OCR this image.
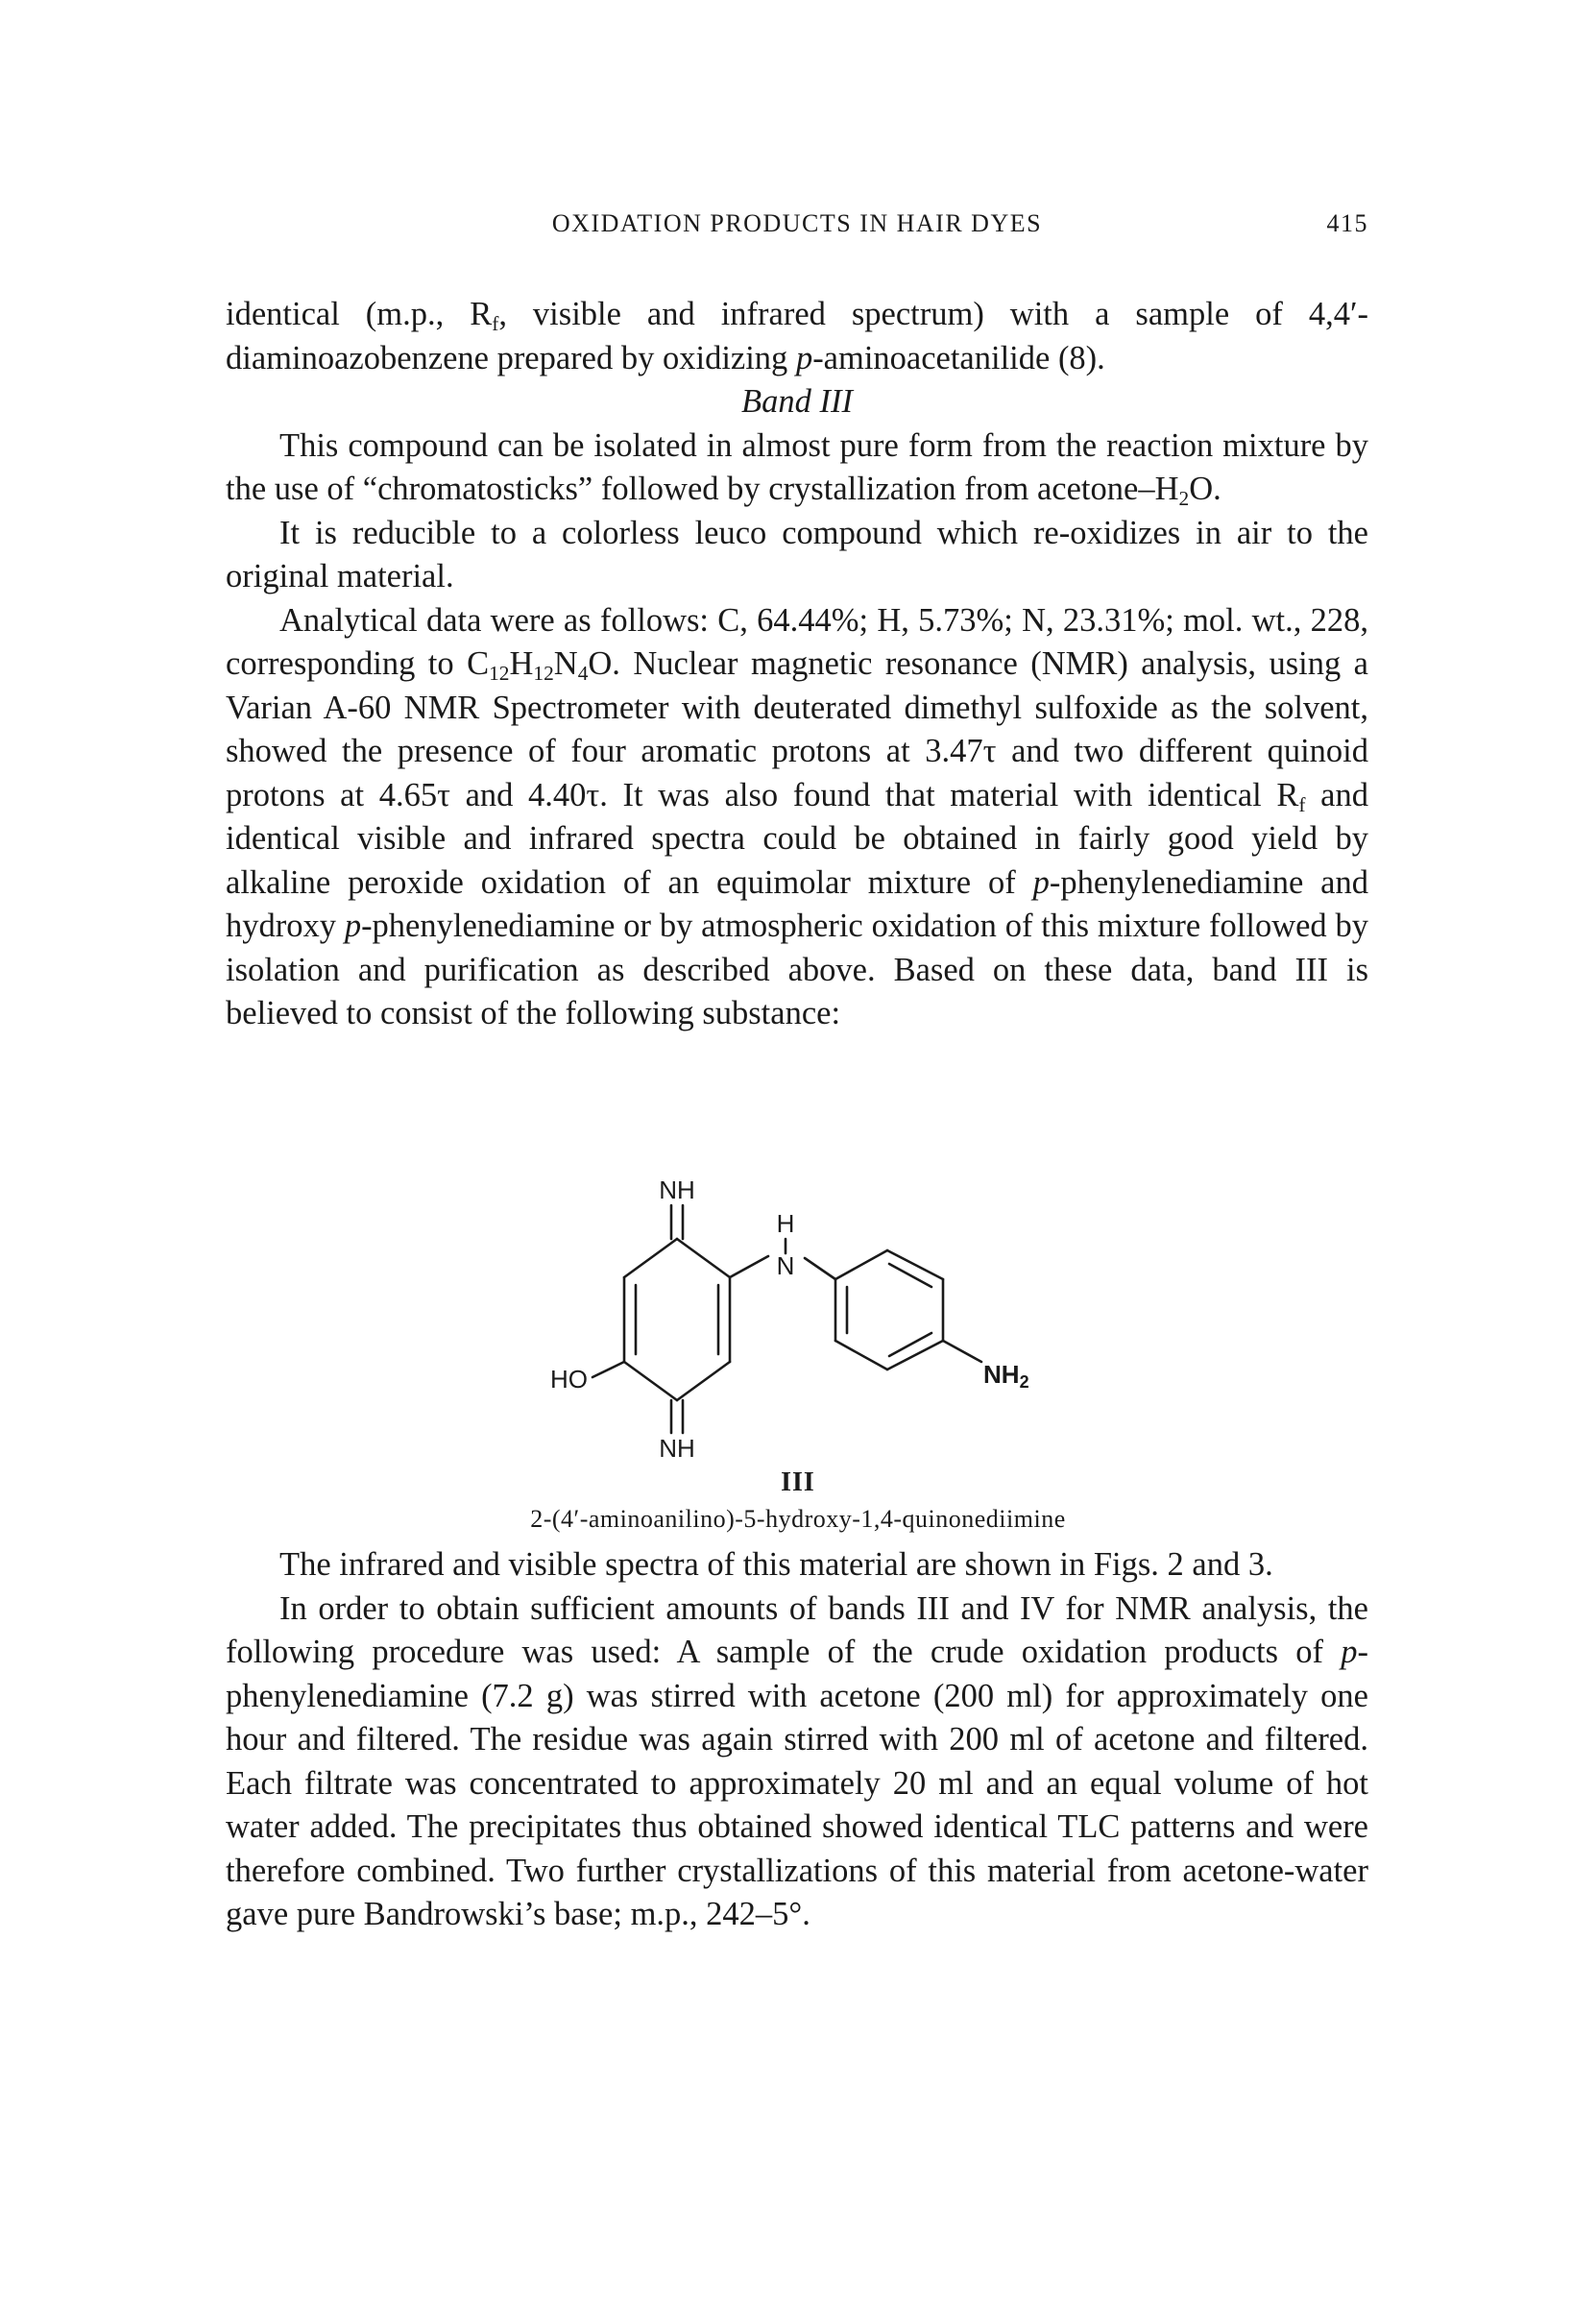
OXIDATION PRODUCTS IN HAIR DYES	415

identical (m.p., $R_f$, visible and infrared spectrum) with a sample of 4,4′-diaminoazobenzene prepared by oxidizing p-aminoacetanilide (8).

Band III

This compound can be isolated in almost pure form from the reaction mixture by the use of “chromatosticks” followed by crystallization from acetone–$H_2O$.

It is reducible to a colorless leuco compound which re-oxidizes in air to the original material.

Analytical data were as follows: C, 64.44%; H, 5.73%; N, 23.31%; mol. wt., 228, corresponding to $C_{12}H_{12}N_4O$. Nuclear magnetic resonance (NMR) analysis, using a Varian A-60 NMR Spectrometer with deuterated dimethyl sulfoxide as the solvent, showed the presence of four aromatic protons at 3.47τ and two different quinoid protons at 4.65τ and 4.40τ. It was also found that material with identical $R_f$ and identical visible and infrared spectra could be obtained in fairly good yield by alkaline peroxide oxidation of an equimolar mixture of p-phenylenediamine and hydroxy p-phenylenediamine or by atmospheric oxidation of this mixture followed by isolation and purification as described above. Based on these data, band III is believed to consist of the following substance:

NH
H
N
HO
NH
NH2
III
2-(4′-aminoanilino)-5-hydroxy-1,4-quinonediimine

The infrared and visible spectra of this material are shown in Figs. 2 and 3.

In order to obtain sufficient amounts of bands III and IV for NMR analysis, the following procedure was used: A sample of the crude oxidation products of p-phenylenediamine (7.2 g) was stirred with acetone (200 ml) for approximately one hour and filtered. The residue was again stirred with 200 ml of acetone and filtered. Each filtrate was concentrated to approximately 20 ml and an equal volume of hot water added. The precipitates thus obtained showed identical TLC patterns and were therefore combined. Two further crystallizations of this material from acetone-water gave pure Bandrowski’s base; m.p., 242–5°.
